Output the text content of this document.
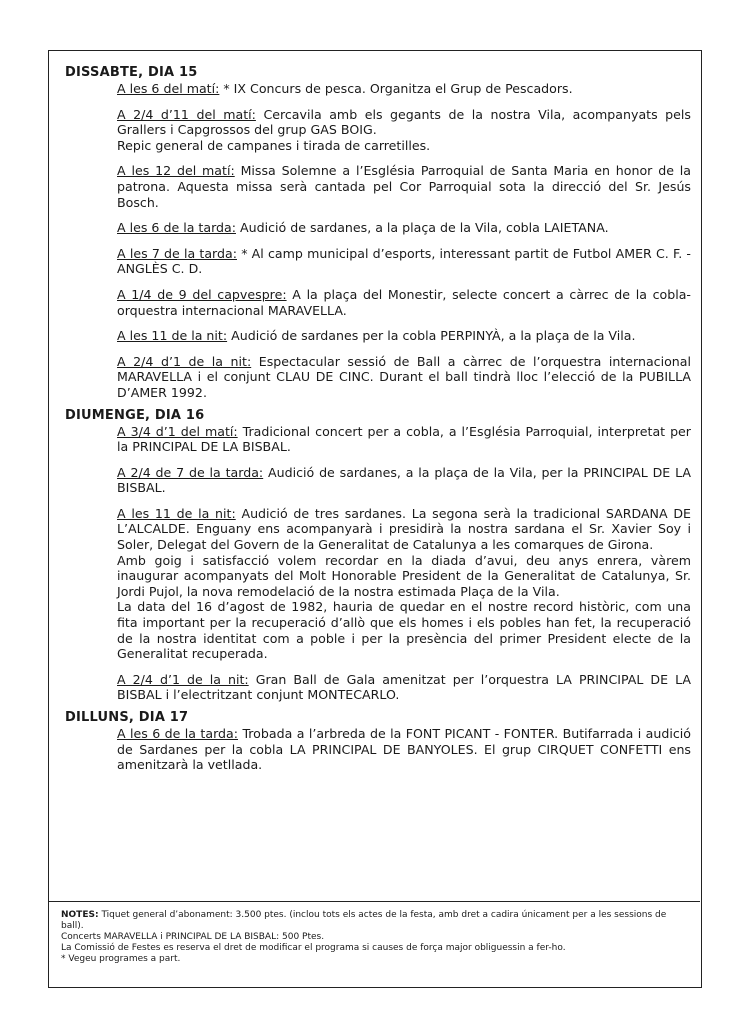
DISSABTE, DIA 15

A les 6 del matí: * IX Concurs de pesca. Organitza el Grup de Pescadors.

A 2/4 d’11 del matí: Cercavila amb els gegants de la nostra Vila, acompanyats pels Grallers i Capgrossos del grup GAS BOIG.

Repic general de campanes i tirada de carretilles.

A les 12 del matí: Missa Solemne a l’Església Parroquial de Santa Maria en honor de la patrona. Aquesta missa serà cantada pel Cor Parroquial sota la direcció del Sr. Jesús Bosch.

A les 6 de la tarda: Audició de sardanes, a la plaça de la Vila, cobla LAIETANA.

A les 7 de la tarda: * Al camp municipal d’esports, interessant partit de Futbol AMER C. F. - ANGLÈS C. D.

A 1/4 de 9 del capvespre: A la plaça del Monestir, selecte concert a càrrec de la cobla-orquestra internacional MARAVELLA.

A les 11 de la nit: Audició de sardanes per la cobla PERPINYÀ, a la plaça de la Vila.

A 2/4 d’1 de la nit: Espectacular sessió de Ball a càrrec de l’orquestra internacional MARAVELLA i el conjunt CLAU DE CINC. Durant el ball tindrà lloc l’elecció de la PUBILLA D’AMER 1992.

DIUMENGE, DIA 16

A 3/4 d’1 del matí: Tradicional concert per a cobla, a l’Església Parroquial, interpretat per la PRINCIPAL DE LA BISBAL.

A 2/4 de 7 de la tarda: Audició de sardanes, a la plaça de la Vila, per la PRINCIPAL DE LA BISBAL.

A les 11 de la nit: Audició de tres sardanes. La segona serà la tradicional SARDANA DE L’ALCALDE. Enguany ens acompanyarà i presidirà la nostra sardana el Sr. Xavier Soy i Soler, Delegat del Govern de la Generalitat de Catalunya a les comarques de Girona.

Amb goig i satisfacció volem recordar en la diada d’avui, deu anys enrera, vàrem inaugurar acompanyats del Molt Honorable President de la Generalitat de Catalunya, Sr. Jordi Pujol, la nova remodelació de la nostra estimada Plaça de la Vila.

La data del 16 d’agost de 1982, hauria de quedar en el nostre record històric, com una fita important per la recuperació d’allò que els homes i els pobles han fet, la recuperació de la nostra identitat com a poble i per la presència del primer President electe de la Generalitat recuperada.

A 2/4 d’1 de la nit: Gran Ball de Gala amenitzat per l’orquestra LA PRINCIPAL DE LA BISBAL i l’electritzant conjunt MONTECARLO.

DILLUNS, DIA 17

A les 6 de la tarda: Trobada a l’arbreda de la FONT PICANT - FONTER. Butifarrada i audició de Sardanes per la cobla LA PRINCIPAL DE BANYOLES. El grup CIRQUET CONFETTI ens amenitzarà la vetllada.

NOTES: Tiquet general d’abonament: 3.500 ptes. (inclou tots els actes de la festa, amb dret a cadira únicament per a les sessions de ball).

Concerts MARAVELLA i PRINCIPAL DE LA BISBAL: 500 Ptes.

La Comissió de Festes es reserva el dret de modificar el programa si causes de força major obliguessin a fer-ho.

* Vegeu programes a part.
